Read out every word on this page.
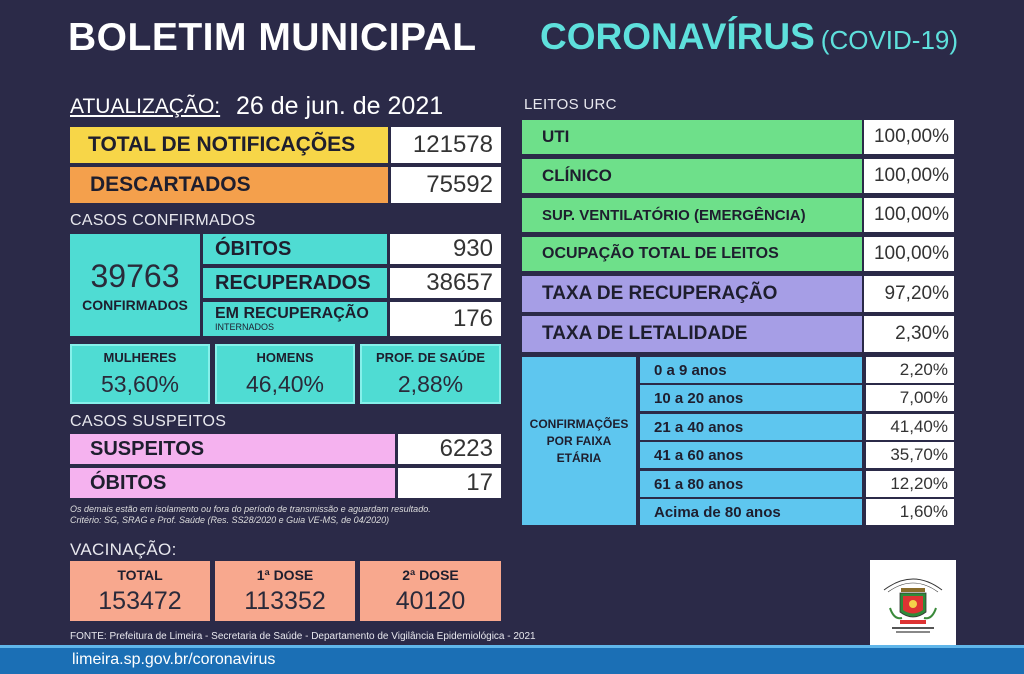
BOLETIM MUNICIPAL CORONAVÍRUS (COVID-19)
ATUALIZAÇÃO: 26 de jun. de 2021
TOTAL DE NOTIFICAÇÕES	121578
DESCARTADOS	75592
CASOS CONFIRMADOS
39763
CONFIRMADOS
ÓBITOS	930
RECUPERADOS	38657
EM RECUPERAÇÃO
INTERNADOS	176
MULHERES
53,60%
HOMENS
46,40%
PROF. DE SAÚDE
2,88%
CASOS SUSPEITOS
SUSPEITOS	6223
ÓBITOS	17
Os demais estão em isolamento ou fora do período de transmissão e aguardam resultado.
Critério: SG, SRAG e Prof. Saúde (Res. SS28/2020 e Guia VE-MS, de 04/2020)
VACINAÇÃO:
TOTAL
153472
1ª DOSE
113352
2ª DOSE
40120
LEITOS URC
UTI	100,00%
CLÍNICO	100,00%
SUP. VENTILATÓRIO (EMERGÊNCIA)	100,00%
OCUPAÇÃO TOTAL DE LEITOS	100,00%
TAXA DE RECUPERAÇÃO	97,20%
TAXA DE LETALIDADE	2,30%
CONFIRMAÇÕES
POR FAIXA
ETÁRIA
0 a 9 anos	2,20%
10 a 20 anos	7,00%
21 a 40 anos	41,40%
41 a 60 anos	35,70%
61 a 80 anos	12,20%
Acima de 80 anos	1,60%
FONTE: Prefeitura de Limeira - Secretaria de Saúde - Departamento de Vigilância Epidemiológica - 2021
limeira.sp.gov.br/coronavirus
